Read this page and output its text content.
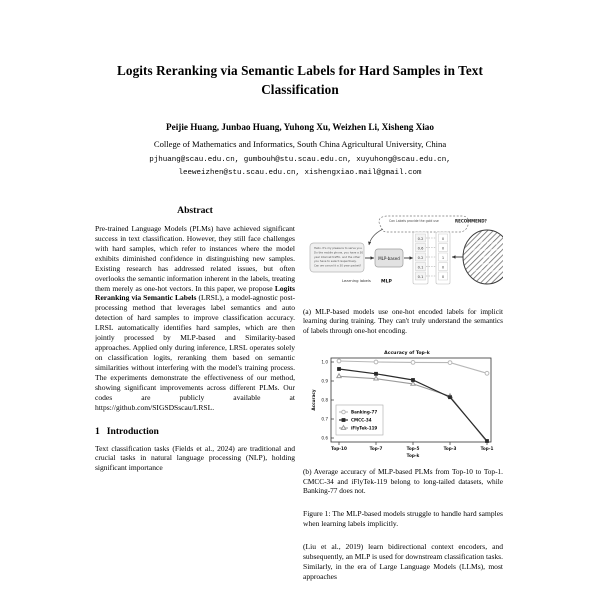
Logits Reranking via Semantic Labels for Hard Samples in Text Classification
Peijie Huang, Junbao Huang, Yuhong Xu, Weizhen Li, Xisheng Xiao
College of Mathematics and Informatics, South China Agricultural University, China
pjhuang@scau.edu.cn, gumbouh@stu.scau.edu.cn, xuyuhong@scau.edu.cn,
leeweizhen@stu.scau.edu.cn, xishengxiao.mail@gmail.com
Abstract

Pre-trained Language Models (PLMs) have achieved significant success in text classification. However, they still face challenges with hard samples, which refer to instances where the model exhibits diminished confidence in distinguishing new samples. Existing research has addressed related issues, but often overlooks the semantic information inherent in the labels, treating them merely as one-hot vectors. In this paper, we propose Logits Reranking via Semantic Labels (LRSL), a model-agnostic post-processing method that leverages label semantics and auto detection of hard samples to improve classification accuracy. LRSL automatically identifies hard samples, which are then jointly processed by MLP-based and Similarity-based approaches. Applied only during inference, LRSL operates solely on classification logits, reranking them based on semantic similarities without interfering with the model's training process. The experiments demonstrate the effectiveness of our method, showing significant improvements across different PLMs. Our codes are publicly available at https://github.com/SIGSDSscau/LRSL.

1 Introduction

Text classification tasks (Fields et al., 2024) are traditional and crucial tasks in natural language processing (NLP), holding significant importance

Can Labels provide the gold use	RECOMMEND?
Hello. It's my pleasure to serve you. Do the mobile phone, you have a 30 year Internet traffic, and the other you have to select respectively. Can we cancel it a 30 year packet?
MLP-based
0.2
0.6
0.2
0.1
0.1
0
0
1
0
0
Traffic inquiry
Phone settlement
Balance
Recharge
Package change
Learning labels MLP

(a) MLP-based models use one-hot encoded labels for implicit learning during training. They can't truly understand the semantics of labels through one-hot encoding.

Accuracy of Top-k
1.0
0.9
0.8
0.7
0.6
Accuracy
Top-10	Top-7	Top-5	Top-3	Top-1
Top-k
Banking-77
CMCC-34
iFlyTek-119

(b) Average accuracy of MLP-based PLMs from Top-10 to Top-1. CMCC-34 and iFlyTek-119 belong to long-tailed datasets, while Banking-77 does not.

Figure 1: The MLP-based models struggle to handle hard samples when learning labels implicitly.

(Liu et al., 2019) learn bidirectional context encoders, and subsequently, an MLP is used for downstream classification tasks. Similarly, in the era of Large Language Models (LLMs), most approaches
